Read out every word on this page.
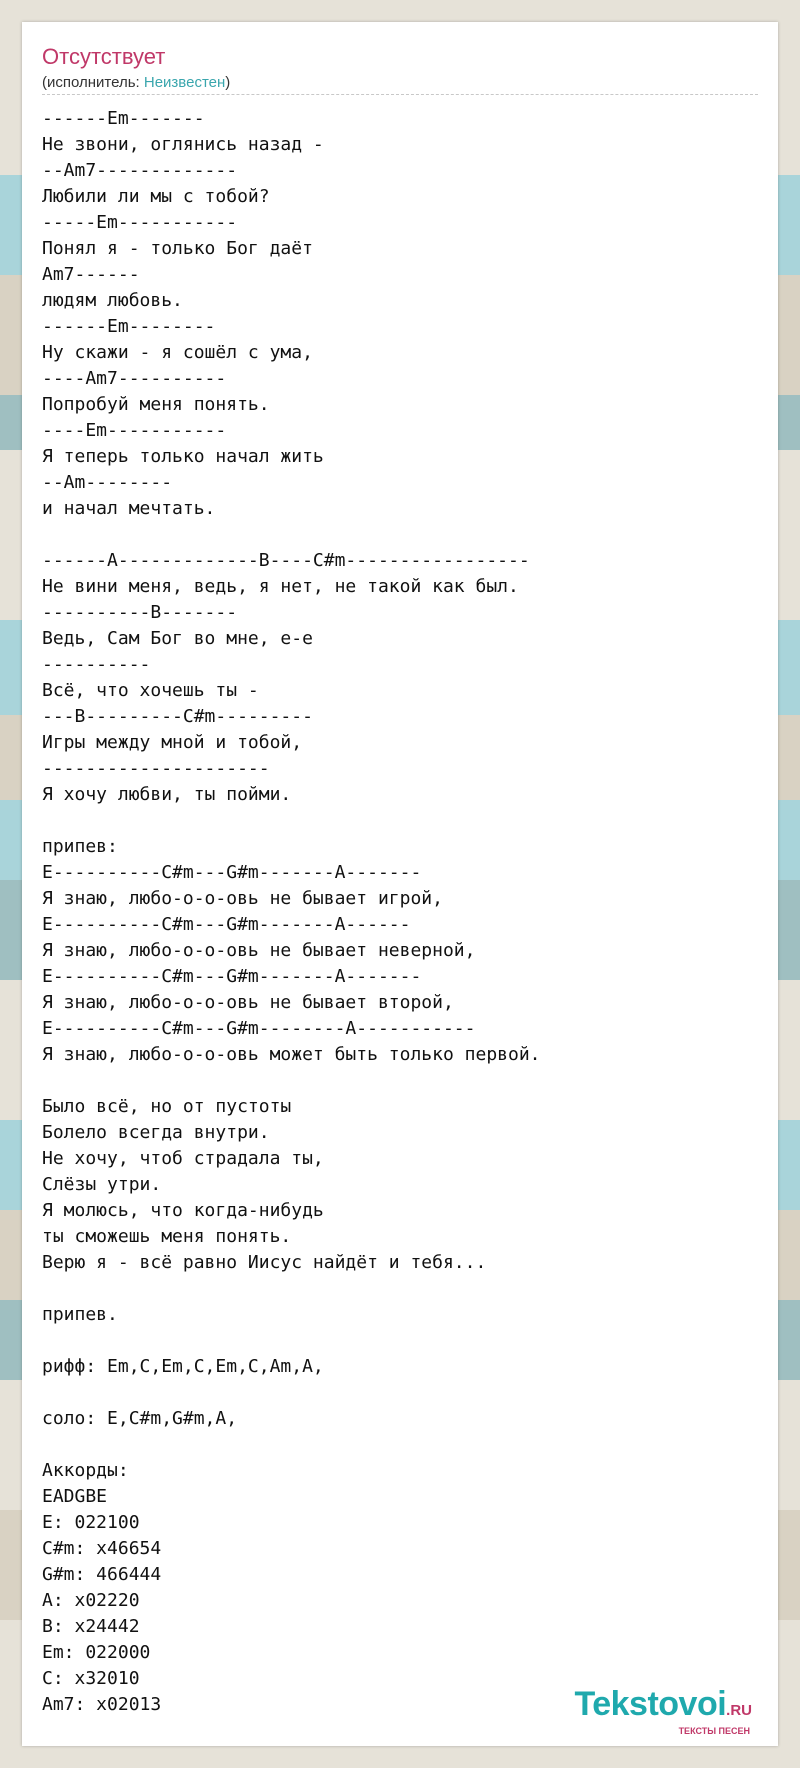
Отсутствует
(исполнитель: Неизвестен)
------Em-------
Не звони, оглянись назад -
--Am7-------------
Любили ли мы с тобой?
-----Em-----------
Понял я - только Бог даёт
Am7------
людям любовь.
------Em--------
Ну скажи - я сошёл с ума,
----Am7----------
Попробуй меня понять.
----Em-----------
Я теперь только начал жить
--Am--------
и начал мечтать.

------A-------------B----C#m-----------------
Не вини меня, ведь, я нет, не такой как был.
----------B-------
Ведь, Сам Бог во мне, е-е
----------
Всё, что хочешь ты -
---B---------C#m---------
Игры между мной и тобой,
---------------------
Я хочу любви, ты пойми.

припев:
E----------C#m---G#m-------A-------
Я знаю, любо-о-о-овь не бывает игрой,
E----------C#m---G#m-------A------
Я знаю, любо-о-о-овь не бывает неверной,
E----------C#m---G#m-------A-------
Я знаю, любо-о-о-овь не бывает второй,
E----------C#m---G#m--------A-----------
Я знаю, любо-о-о-овь может быть только первой.

Было всё, но от пустоты
Болело всегда внутри.
Не хочу, чтоб страдала ты,
Слёзы утри.
Я молюсь, что когда-нибудь
ты сможешь меня понять.
Верю я - всё равно Иисус найдёт и тебя...

припев.

рифф: Em,C,Em,C,Em,C,Am,A,

соло: E,C#m,G#m,A,

Аккорды:
EADGBE
E: 022100
C#m: x46654
G#m: 466444
A: x02220
B: x24442
Em: 022000
C: x32010
Am7: x02013	Tekstovoi.RU
ТЕКСТЫ ПЕСЕН
